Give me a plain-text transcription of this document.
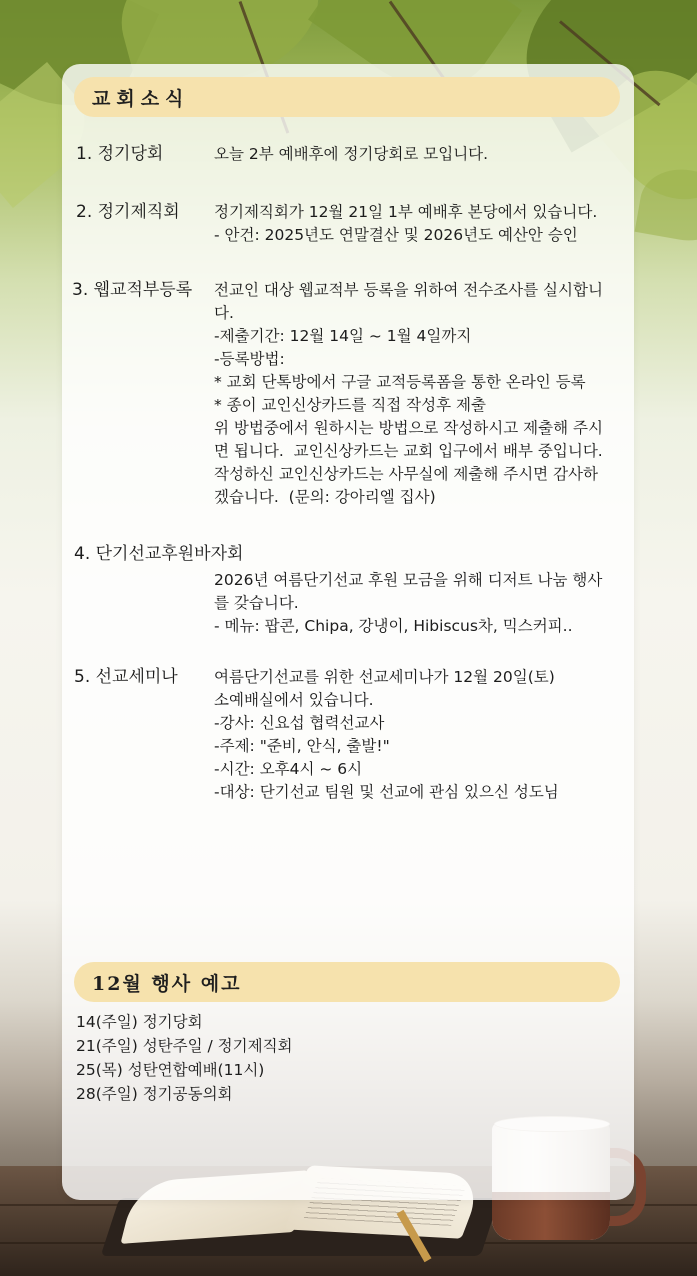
교회소식
1. 정기당회	오늘 2부 예배후에 정기당회로 모입니다.
2. 정기제직회 정기제직회가 12월 21일 1부 예배후 본당에서 있습니다.
- 안건: 2025년도 연말결산 및 2026년도 예산안 승인
3. 웹교적부등록 전교인 대상 웹교적부 등록을 위하여 전수조사를 실시합니
다.
-제출기간: 12월 14일 ~ 1월 4일까지
-등록방법:
* 교회 단톡방에서 구글 교적등록폼을 통한 온라인 등록
* 종이 교인신상카드를 직접 작성후 제출
위 방법중에서 원하시는 방법으로 작성하시고 제출해 주시
면 됩니다.  교인신상카드는 교회 입구에서 배부 중입니다.
작성하신 교인신상카드는 사무실에 제출해 주시면 감사하
겠습니다.  (문의: 강아리엘 집사)
4. 단기선교후원바자회
2026년 여름단기선교 후원 모금을 위해 디저트 나눔 행사
를 갖습니다.
- 메뉴: 팝콘, Chipa, 강냉이, Hibiscus차, 믹스커피..
5. 선교세미나 여름단기선교를 위한 선교세미나가 12월 20일(토)
소예배실에서 있습니다.
-강사: 신요섭 협력선교사
-주제: "준비, 안식, 출발!"
-시간: 오후4시 ~ 6시
-대상: 단기선교 팀원 및 선교에 관심 있으신 성도님
12월 행사 예고
14(주일) 정기당회
21(주일) 성탄주일 / 정기제직회
25(목) 성탄연합예배(11시)
28(주일) 정기공동의회
